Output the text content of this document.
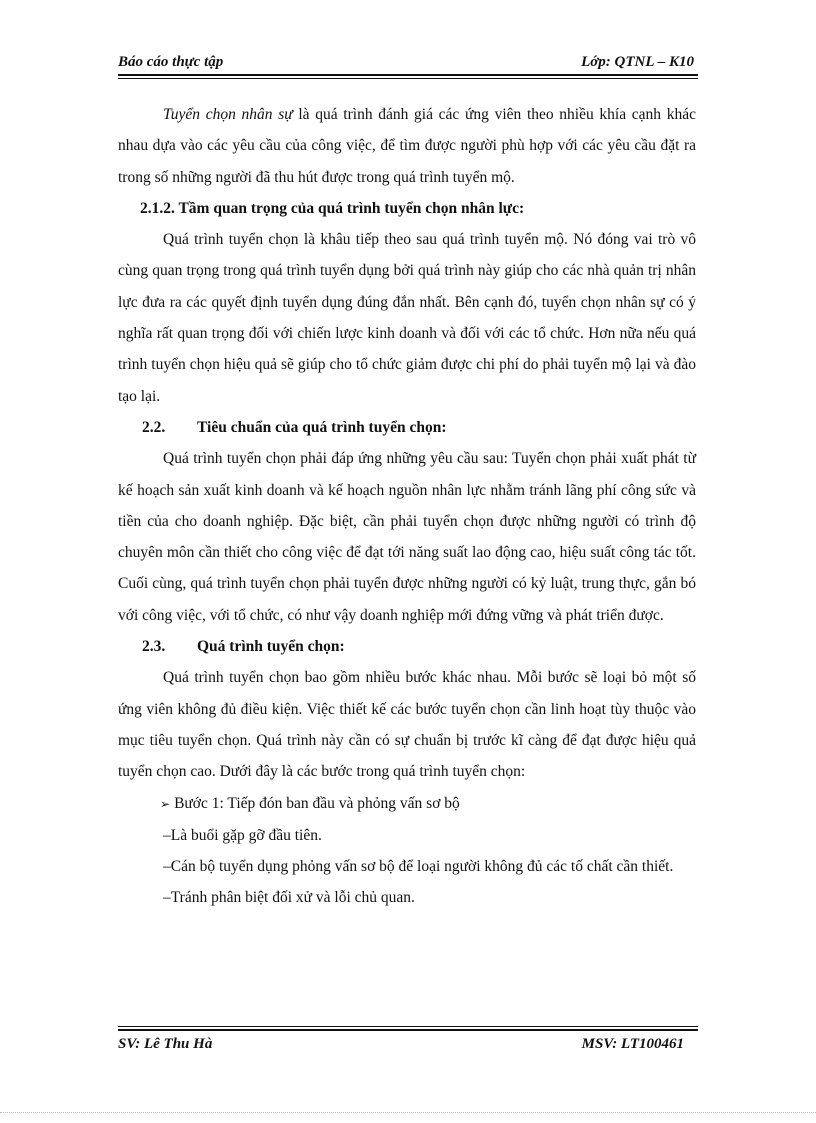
Báo cáo thực tập	Lớp: QTNL – K10

Tuyển chọn nhân sự là quá trình đánh giá các ứng viên theo nhiều khía cạnh khác nhau dựa vào các yêu cầu của công việc, để tìm được người phù hợp với các yêu cầu đặt ra trong số những người đã thu hút được trong quá trình tuyển mộ.

2.1.2. Tầm quan trọng của quá trình tuyển chọn nhân lực:

Quá trình tuyển chọn là khâu tiếp theo sau quá trình tuyển mộ. Nó đóng vai trò vô cùng quan trọng trong quá trình tuyển dụng bởi quá trình này giúp cho các nhà quản trị nhân lực đưa ra các quyết định tuyển dụng đúng đắn nhất. Bên cạnh đó, tuyển chọn nhân sự có ý nghĩa rất quan trọng đối với chiến lược kinh doanh và đối với các tổ chức. Hơn nữa nếu quá trình tuyển chọn hiệu quả sẽ giúp cho tổ chức giảm được chi phí do phải tuyển mộ lại và đào tạo lại.

2.2. Tiêu chuẩn của quá trình tuyển chọn:

Quá trình tuyển chọn phải đáp ứng những yêu cầu sau: Tuyển chọn phải xuất phát từ kế hoạch sản xuất kinh doanh và kế hoạch nguồn nhân lực nhằm tránh lãng phí công sức và tiền của cho doanh nghiệp. Đặc biệt, cần phải tuyển chọn được những người có trình độ chuyên môn cần thiết cho công việc để đạt tới năng suất lao động cao, hiệu suất công tác tốt. Cuối cùng, quá trình tuyển chọn phải tuyển được những người có kỷ luật, trung thực, gắn bó với công việc, với tổ chức, có như vậy doanh nghiệp mới đứng vững và phát triển được.

2.3. Quá trình tuyển chọn:

Quá trình tuyển chọn bao gồm nhiều bước khác nhau. Mỗi bước sẽ loại bỏ một số ứng viên không đủ điều kiện. Việc thiết kế các bước tuyển chọn cần linh hoạt tùy thuộc vào mục tiêu tuyển chọn. Quá trình này cần có sự chuẩn bị trước kĩ càng để đạt được hiệu quả tuyển chọn cao. Dưới đây là các bước trong quá trình tuyển chọn:

➢ Bước 1: Tiếp đón ban đầu và phỏng vấn sơ bộ

–Là buổi gặp gỡ đầu tiên.

–Cán bộ tuyển dụng phỏng vấn sơ bộ để loại người không đủ các tố chất cần thiết.

–Tránh phân biệt đối xử và lỗi chủ quan.

SV: Lê Thu Hà	MSV: LT100461
